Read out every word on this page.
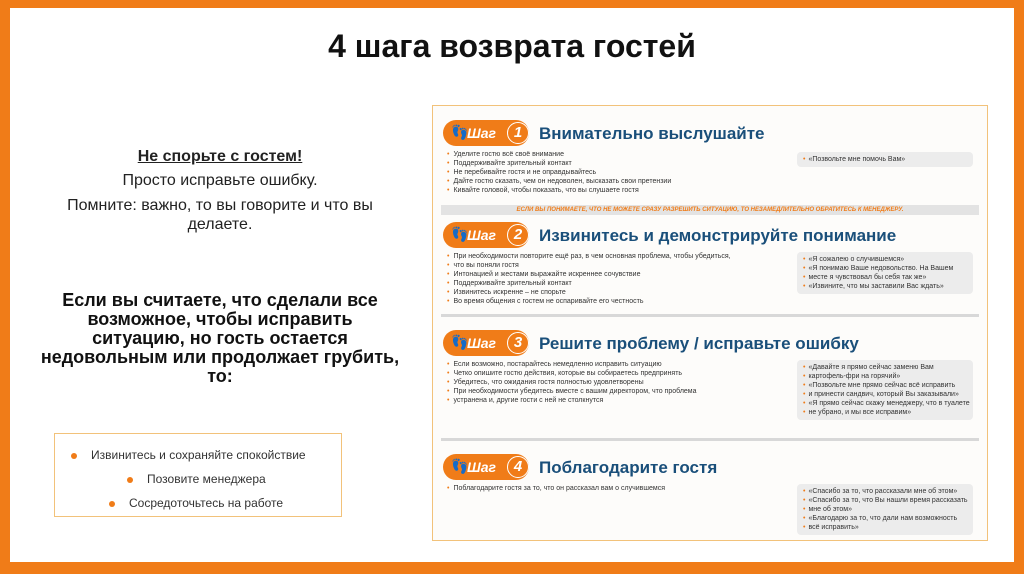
4 шага возврата гостей
Не спорьте с гостем!
Просто исправьте ошибку.
Помните: важно, то вы говорите и что вы делаете.
Если вы считаете, что сделали все возможное, чтобы исправить ситуацию, но гость остается недовольным или продолжает грубить, то:
Извинитесь и сохраняйте спокойствие
Позовите менеджера
Сосредоточьтесь на работе
👣
Шаг	1 Внимательно выслушайте
• Уделите гостю всё своё внимание
• Поддерживайте зрительный контакт
• Не перебивайте гостя и не оправдывайтесь
• Дайте гостю сказать, чем он недоволен, высказать свои претензии
• Кивайте головой, чтобы показать, что вы слушаете гостя
• «Позвольте мне помочь Вам»
ЕСЛИ ВЫ ПОНИМАЕТЕ, ЧТО НЕ МОЖЕТЕ СРАЗУ РАЗРЕШИТЬ СИТУАЦИЮ, ТО НЕЗАМЕДЛИТЕЛЬНО ОБРАТИТЕСЬ К МЕНЕДЖЕРУ.
👣
Шаг	2 Извинитесь и демонстрируйте понимание
• При необходимости повторите ещё раз, в чем основная проблема, чтобы убедиться,
• что вы поняли гостя
• Интонацией и жестами выражайте искреннее сочувствие
• Поддерживайте зрительный контакт
• Извинитесь искренне – не спорьте
• Во время общения с гостем не оспаривайте его честность
• «Я сожалею о случившемся»
• «Я понимаю Ваше недовольство. На Вашем
• месте я чувствовал бы себя так же»
• «Извините, что мы заставили Вас ждать»
👣
Шаг	3 Решите проблему / исправьте ошибку
• Если возможно, постарайтесь немедленно исправить ситуацию
• Четко опишите гостю действия, которые вы собираетесь предпринять
• Убедитесь, что ожидания гостя полностью удовлетворены
• При необходимости убедитесь вместе с вашим директором, что проблема
• устранена и, другие гости с ней не столкнутся
• «Давайте я прямо сейчас заменю Вам
• картофель-фри на горячий»
• «Позвольте мне прямо сейчас всё исправить
• и принести сандвич, который Вы заказывали»
• «Я прямо сейчас скажу менеджеру, что в туалете
• не убрано, и мы все исправим»
👣
Шаг	4 Поблагодарите гостя
• Поблагодарите гостя за то, что он рассказал вам о случившемся
•	«Спасибо за то, что рассказали мне об этом»
• «Спасибо за то, что Вы нашли время рассказать
• мне об этом»
• «Благодарю за то, что дали нам возможность
• всё исправить»
